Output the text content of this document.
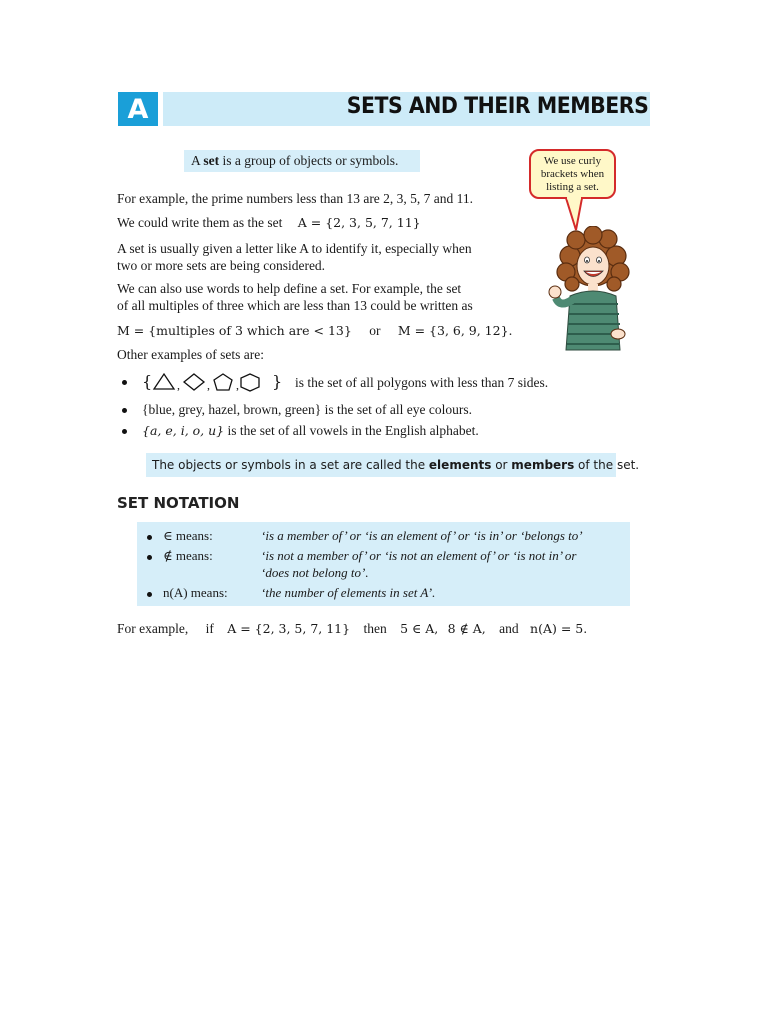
A	SETS AND THEIR MEMBERS
A set is a group of objects or symbols.	We use curly brackets when listing a set.
For example, the prime numbers less than 13 are 2, 3, 5, 7 and 11.
We could write them as the set A = {2, 3, 5, 7, 11}
A set is usually given a letter like A to identify it, especially when
two or more sets are being considered.
We can also use words to help define a set. For example, the set
of all multiples of three which are less than 13 could be written as
M = {multiples of 3 which are < 13} or M = {3, 6, 9, 12}.
Other examples of sets are:
{ , , , } is the set of all polygons with less than 7 sides.
{blue, grey, hazel, brown, green} is the set of all eye colours.
{a, e, i, o, u} is the set of all vowels in the English alphabet.
The objects or symbols in a set are called the elements or members of the set.
SET NOTATION
∈ means:	‘is a member of’ or ‘is an element of’ or ‘is in’ or ‘belongs to’
∉ means:	‘is not a member of’ or ‘is not an element of’ or ‘is not in’ or
‘does not belong to’.
n(A) means:	‘the number of elements in set A’.
For example, if A = {2, 3, 5, 7, 11} then 5 ∈ A, 8 ∉ A, and n(A) = 5.
